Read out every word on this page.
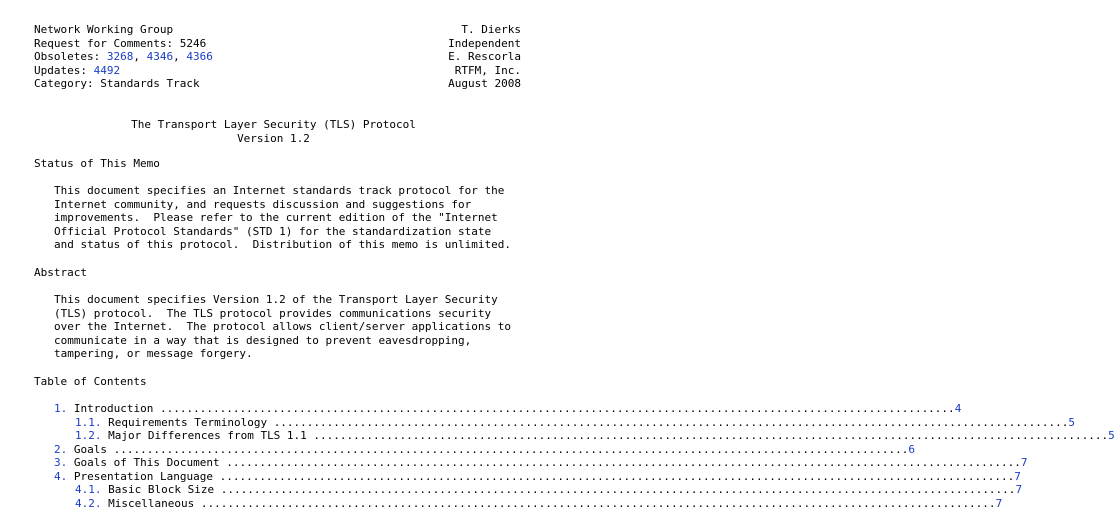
Network Working Group
Request for Comments: 5246
Obsoletes: 3268, 4346, 4366
Updates: 4492
Category: Standards Track
T. Dierks
Independent
E. Rescorla
RTFM, Inc.
August 2008
The Transport Layer Security (TLS) Protocol
Version 1.2
Status of This Memo
This document specifies an Internet standards track protocol for the
Internet community, and requests discussion and suggestions for
improvements.  Please refer to the current edition of the "Internet
Official Protocol Standards" (STD 1) for the standardization state
and status of this protocol.  Distribution of this memo is unlimited.
Abstract
This document specifies Version 1.2 of the Transport Layer Security
(TLS) protocol.  The TLS protocol provides communications security
over the Internet.  The protocol allows client/server applications to
communicate in a way that is designed to prevent eavesdropping,
tampering, or message forgery.
Table of Contents
1. Introduction ........................................................................................................................ 4
1.1. Requirements Terminology ........................................................................................................................ 5
1.2. Major Differences from TLS 1.1 ........................................................................................................................ 5
2. Goals ........................................................................................................................ 6
3. Goals of This Document ........................................................................................................................ 7
4. Presentation Language ........................................................................................................................ 7
4.1. Basic Block Size ........................................................................................................................ 7
4.2. Miscellaneous ........................................................................................................................ 7
